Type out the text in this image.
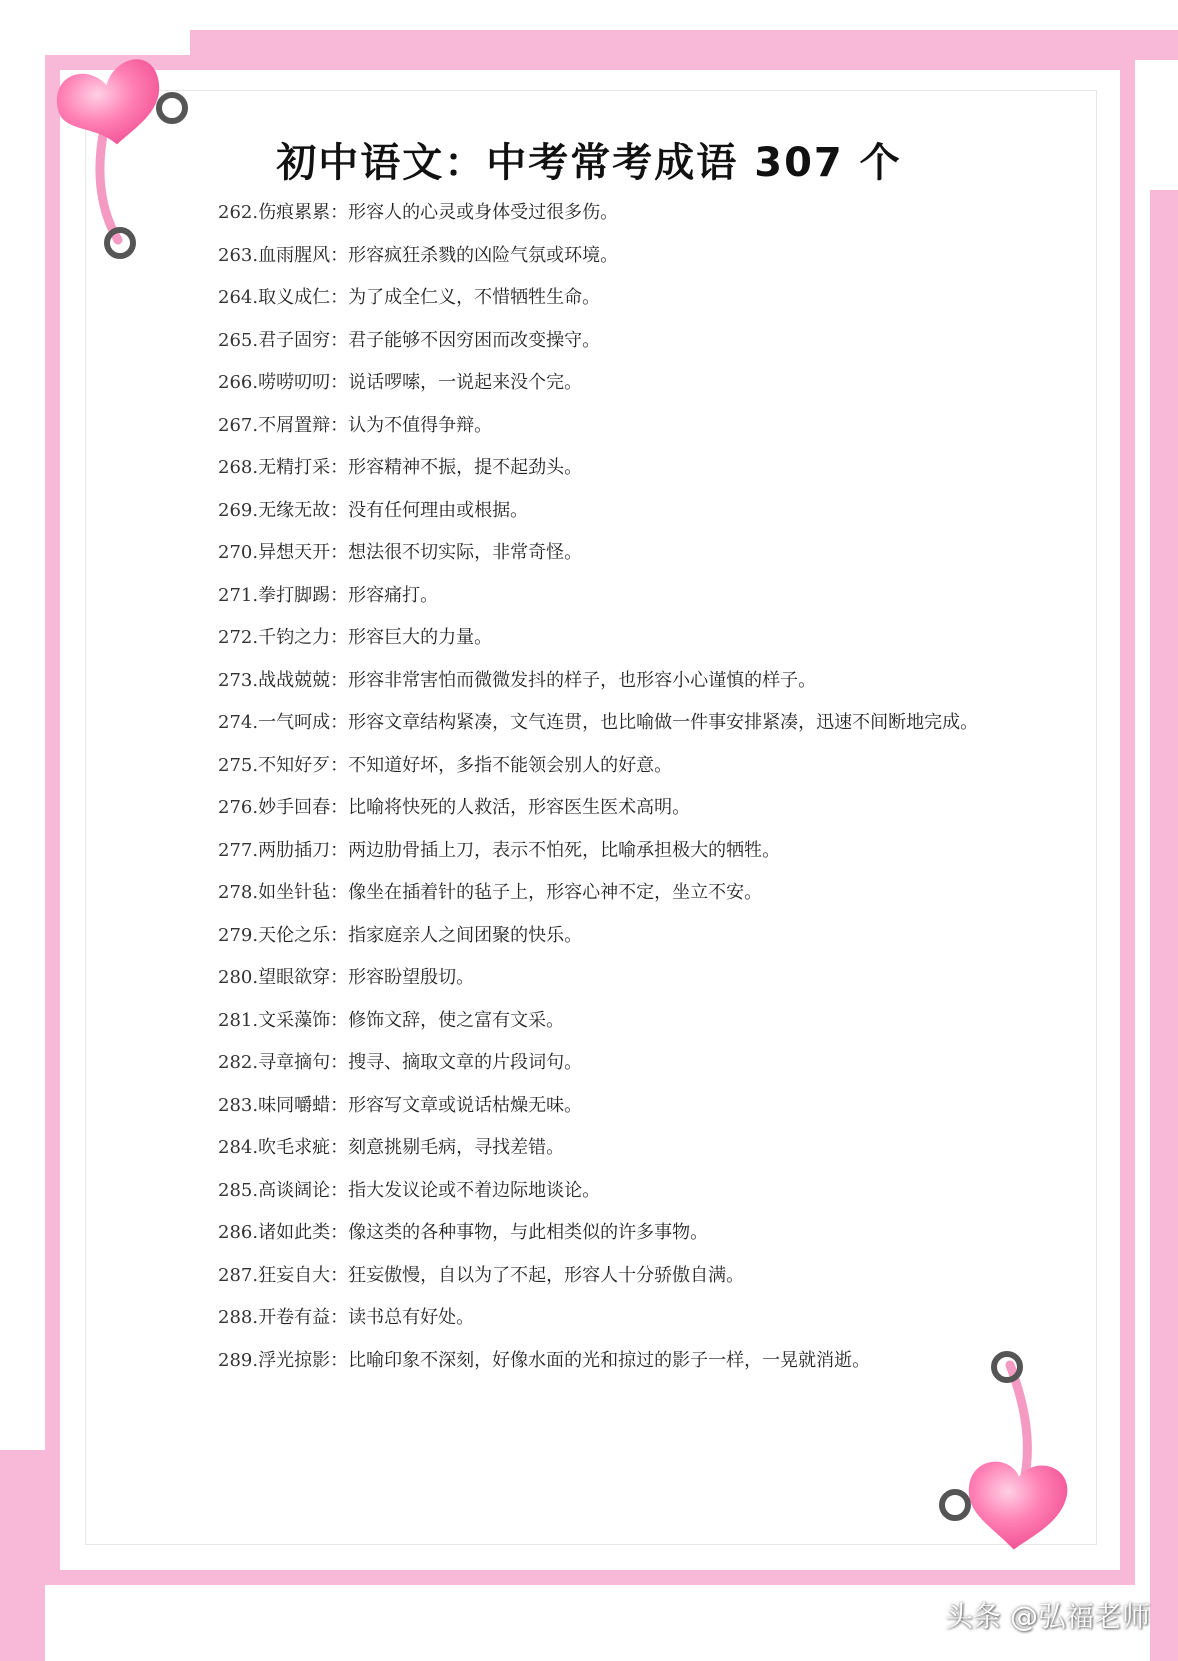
初中语文：中考常考成语 307 个
262. 伤痕累累：形容人的心灵或身体受过很多伤。
263. 血雨腥风：形容疯狂杀戮的凶险气氛或环境。
264. 取义成仁：为了成全仁义，不惜牺牲生命。
265. 君子固穷：君子能够不因穷困而改变操守。
266. 唠唠叨叨：说话啰嗦，一说起来没个完。
267. 不屑置辩：认为不值得争辩。
268. 无精打采：形容精神不振，提不起劲头。
269. 无缘无故：没有任何理由或根据。
270. 异想天开：想法很不切实际，非常奇怪。
271. 拳打脚踢：形容痛打。
272. 千钧之力：形容巨大的力量。
273. 战战兢兢：形容非常害怕而微微发抖的样子，也形容小心谨慎的样子。
274. 一气呵成：形容文章结构紧凑，文气连贯，也比喻做一件事安排紧凑，迅速不间断地完成。
275. 不知好歹：不知道好坏，多指不能领会别人的好意。
276. 妙手回春：比喻将快死的人救活，形容医生医术高明。
277. 两肋插刀：两边肋骨插上刀，表示不怕死，比喻承担极大的牺牲。
278. 如坐针毡：像坐在插着针的毡子上，形容心神不定，坐立不安。
279. 天伦之乐：指家庭亲人之间团聚的快乐。
280. 望眼欲穿：形容盼望殷切。
281. 文采藻饰：修饰文辞，使之富有文采。
282. 寻章摘句：搜寻、摘取文章的片段词句。
283. 味同嚼蜡：形容写文章或说话枯燥无味。
284. 吹毛求疵：刻意挑剔毛病，寻找差错。
285. 高谈阔论：指大发议论或不着边际地谈论。
286. 诸如此类：像这类的各种事物，与此相类似的许多事物。
287. 狂妄自大：狂妄傲慢，自以为了不起，形容人十分骄傲自满。
288. 开卷有益：读书总有好处。
289. 浮光掠影：比喻印象不深刻，好像水面的光和掠过的影子一样，一晃就消逝。
头条 @弘福老师
